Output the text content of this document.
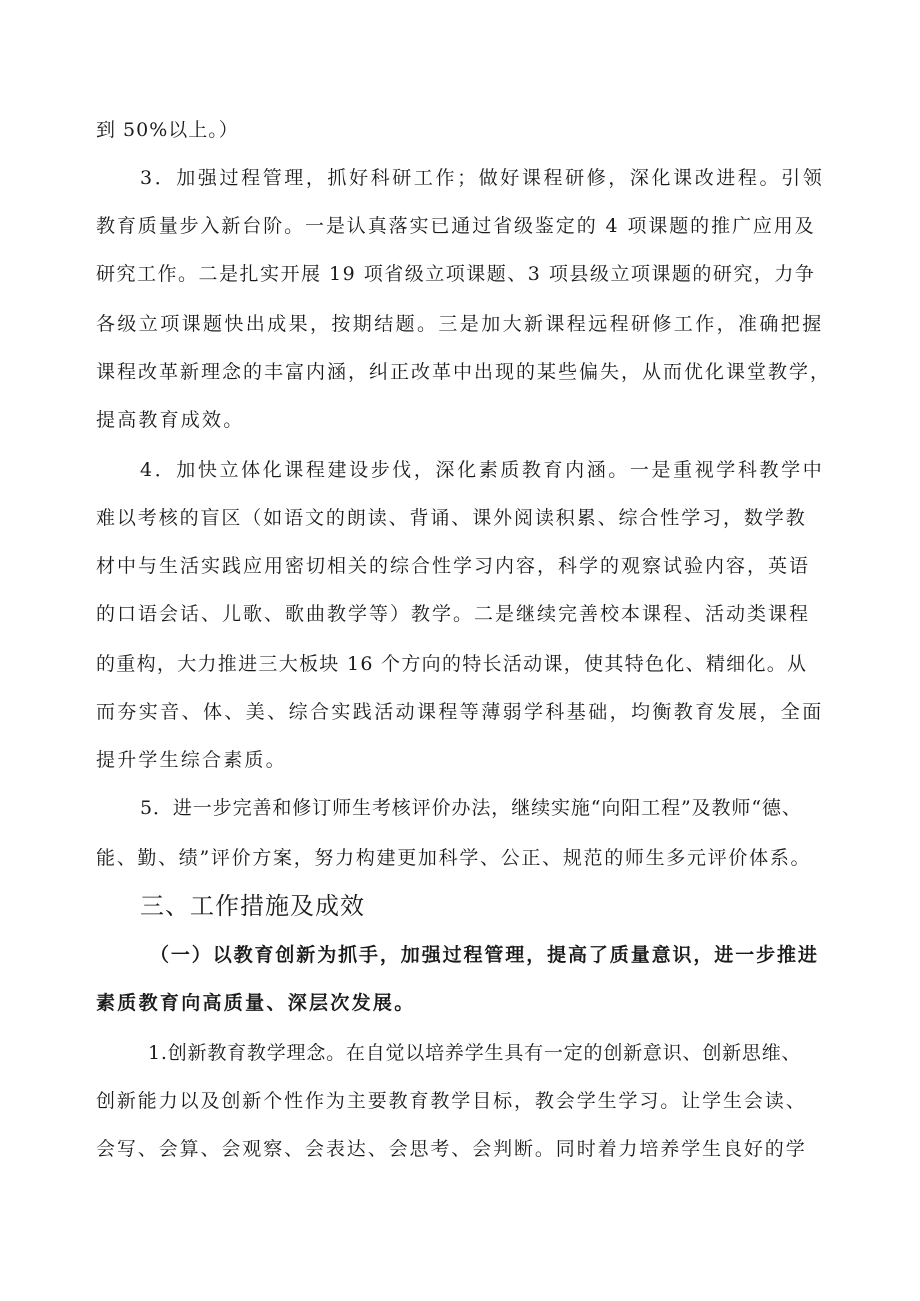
到 50%以上。）
3．加强过程管理，抓好科研工作；做好课程研修，深化课改进程。引领
教育质量步入新台阶。一是认真落实已通过省级鉴定的 4 项课题的推广应用及
研究工作。二是扎实开展 19 项省级立项课题、3 项县级立项课题的研究，力争
各级立项课题快出成果，按期结题。三是加大新课程远程研修工作，准确把握
课程改革新理念的丰富内涵，纠正改革中出现的某些偏失，从而优化课堂教学，
提高教育成效。
4．加快立体化课程建设步伐，深化素质教育内涵。一是重视学科教学中
难以考核的盲区（如语文的朗读、背诵、课外阅读积累、综合性学习，数学教
材中与生活实践应用密切相关的综合性学习内容，科学的观察试验内容，英语
的口语会话、儿歌、歌曲教学等）教学。二是继续完善校本课程、活动类课程
的重构，大力推进三大板块 16 个方向的特长活动课，使其特色化、精细化。从
而夯实音、体、美、综合实践活动课程等薄弱学科基础，均衡教育发展，全面
提升学生综合素质。
5．进一步完善和修订师生考核评价办法，继续实施“向阳工程”及教师“德、
能、勤、绩”评价方案，努力构建更加科学、公正、规范的师生多元评价体系。
三、工作措施及成效
（一）以教育创新为抓手，加强过程管理，提高了质量意识，进一步推进
素质教育向高质量、深层次发展。
1.创新教育教学理念。在自觉以培养学生具有一定的创新意识、创新思维、
创新能力以及创新个性作为主要教育教学目标，教会学生学习。让学生会读、
会写、会算、会观察、会表达、会思考、会判断。同时着力培养学生良好的学
